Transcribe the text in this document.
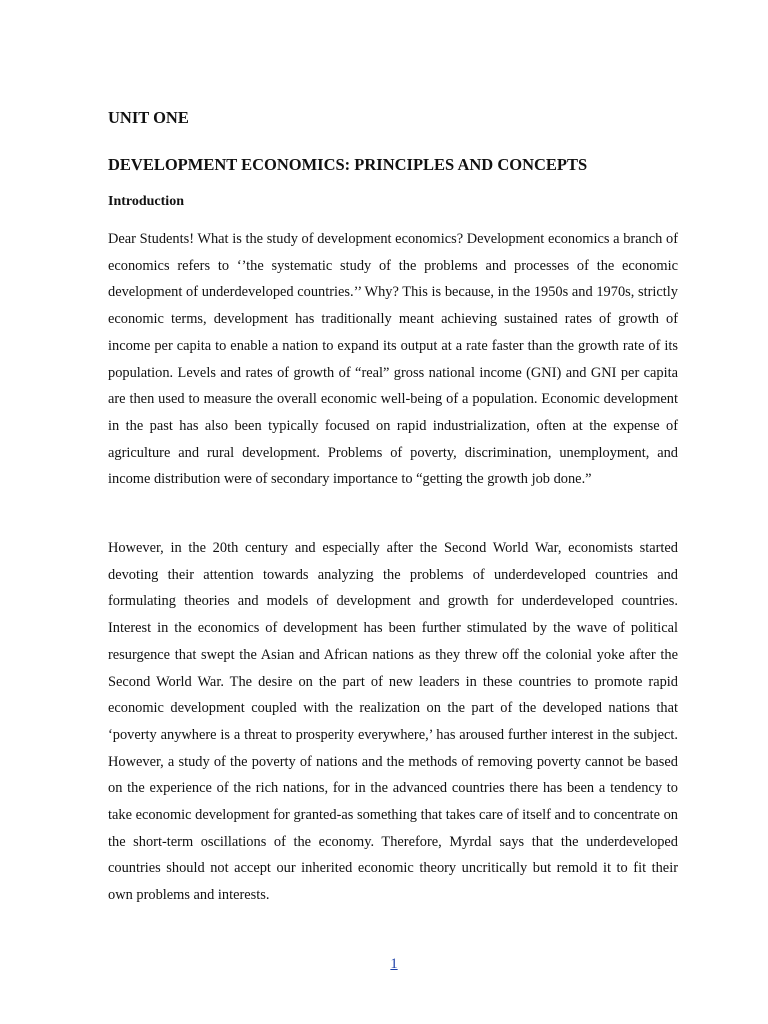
UNIT ONE
DEVELOPMENT ECONOMICS: PRINCIPLES AND CONCEPTS
Introduction

Dear Students! What is the study of development economics? Development economics a branch of economics refers to ‘’the systematic study of the problems and processes of the economic development of underdeveloped countries.’’ Why? This is because, in the 1950s and 1970s, strictly economic terms, development has traditionally meant achieving sustained rates of growth of income per capita to enable a nation to expand its output at a rate faster than the growth rate of its population. Levels and rates of growth of “real” gross national income (GNI) and GNI per capita are then used to measure the overall economic well-being of a population. Economic development in the past has also been typically focused on rapid industrialization, often at the expense of agriculture and rural development. Problems of poverty, discrimination, unemployment, and income distribution were of secondary importance to “getting the growth job done.”

However, in the 20th century and especially after the Second World War, economists started devoting their attention towards analyzing the problems of underdeveloped countries and formulating theories and models of development and growth for underdeveloped countries. Interest in the economics of development has been further stimulated by the wave of political resurgence that swept the Asian and African nations as they threw off the colonial yoke after the Second World War. The desire on the part of new leaders in these countries to promote rapid economic development coupled with the realization on the part of the developed nations that ‘poverty anywhere is a threat to prosperity everywhere,’ has aroused further interest in the subject. However, a study of the poverty of nations and the methods of removing poverty cannot be based on the experience of the rich nations, for in the advanced countries there has been a tendency to take economic development for granted-as something that takes care of itself and to concentrate on the short-term oscillations of the economy. Therefore, Myrdal says that the underdeveloped countries should not accept our inherited economic theory uncritically but remold it to fit their own problems and interests.

1
